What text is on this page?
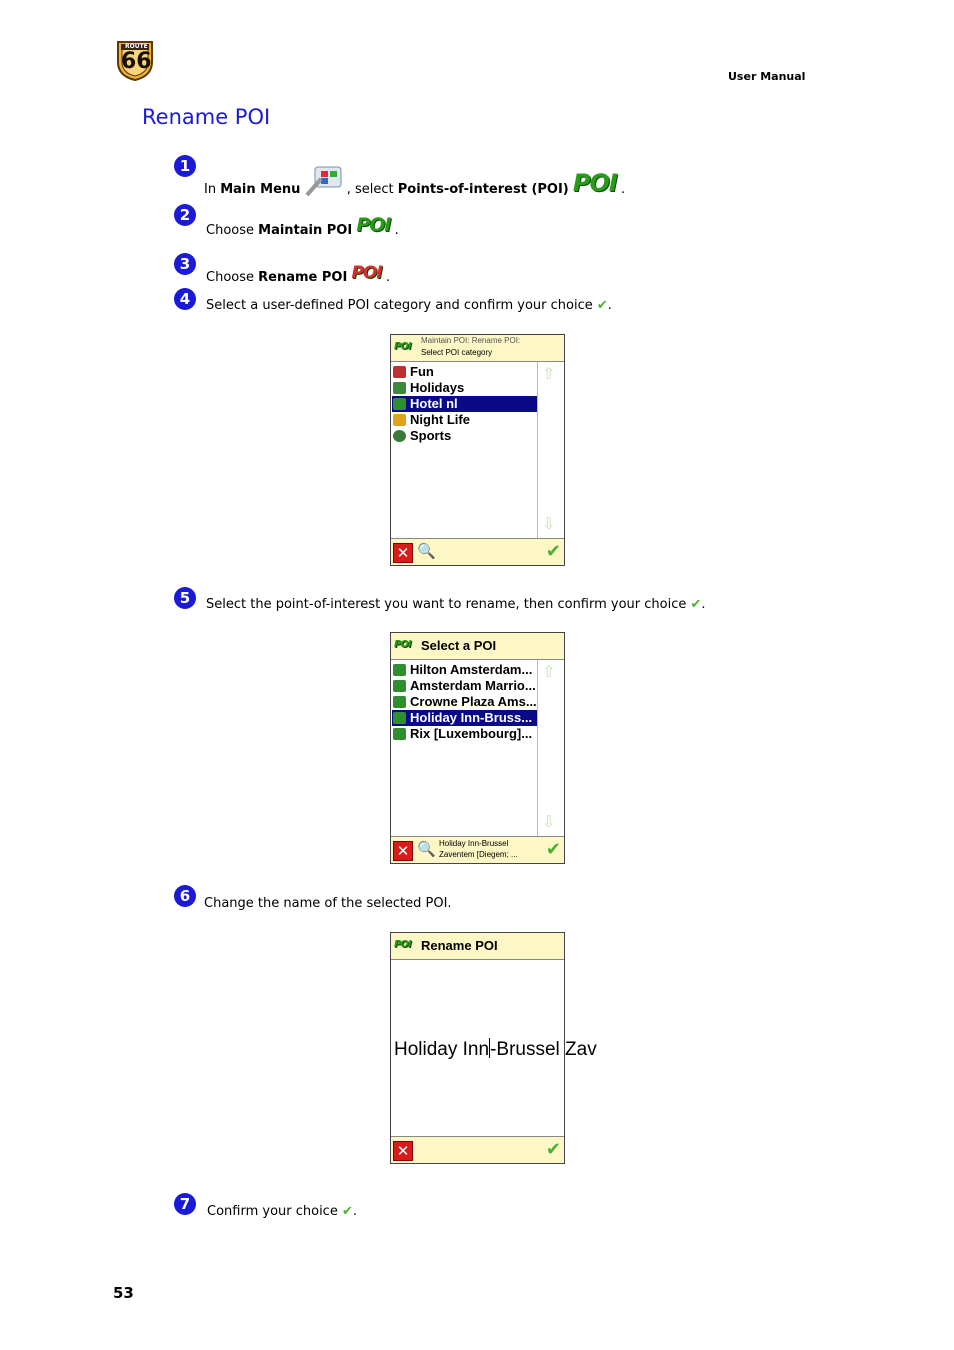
ROUTE
66
User Manual
Rename POI
1
In Main Menu	, select Points-of-interest (POI) POI .
2
Choose Maintain POI POI .
3
Choose Rename POI POI .
4	Select a user-defined POI category and confirm your choice ✔.
POI
Maintain POI: Rename POI:
Select POI category
Fun
Holidays
Hotel nl
Night Life
Sports
⇧
⇩
✕ 🔍	✔
5	Select the point-of-interest you want to rename, then confirm your choice ✔.
POI Select a POI
Hilton Amsterdam...
Amsterdam Marrio...
Crowne Plaza Ams...
Holiday Inn-Bruss...
Rix [Luxembourg]...
⇧
⇩
✕ 🔍 Holiday Inn-Brussel
Zaventem [Diegem; ... ✔
6	Change the name of the selected POI.
POI Rename POI
Holiday Inn-Brussel Zav
✕	✔
7	Confirm your choice ✔.
53
